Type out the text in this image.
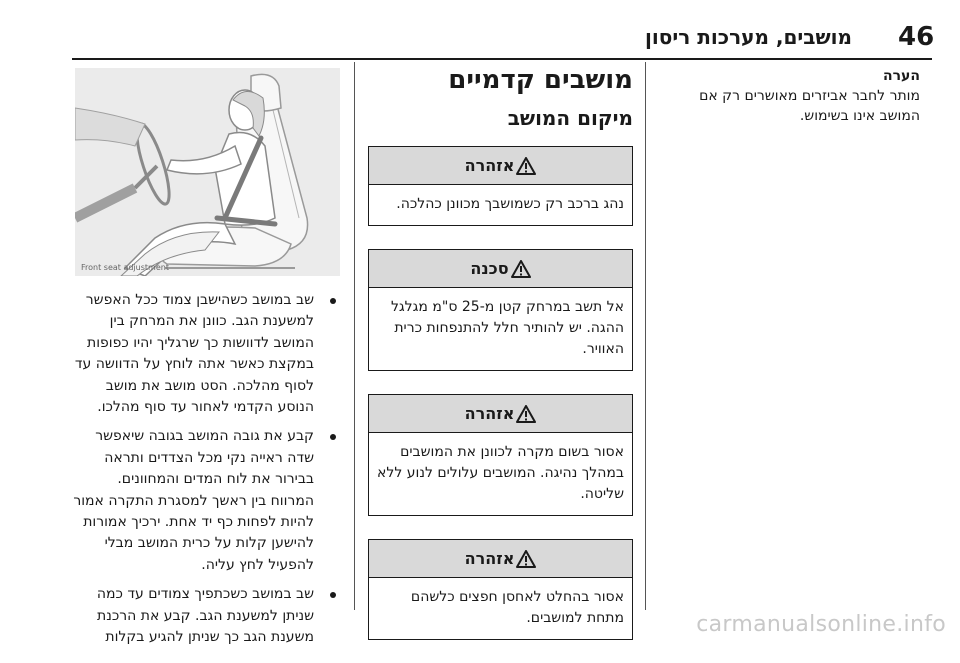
46
מושבים, מערכות ריסון

הערה

מותר לחבר אביזרים מאושרים רק אם המושב אינו בשימוש.

מושבים קדמיים
מיקום המושב
אזהרה
נהג ברכב רק כשמושבך מכוונן כהלכה.
סכנה
אל תשב במרחק קטן מ-25 ס"מ מגלגל ההגה. יש להותיר חלל להתנפחות כרית האוויר.
אזהרה
אסור בשום מקרה לכוונן את המושבים במהלך נהיגה. המושבים עלולים לנוע ללא שליטה.
אזהרה
אסור בהחלט לאחסן חפצים כלשהם מתחת למושבים.
Front seat adjustment
שב במושב כשהישבן צמוד ככל האפשר למשענת הגב. כוונן את המרחק בין המושב לדוושות כך שרגליך יהיו כפופות במקצת כאשר אתה לוחץ על הדוושה עד לסוף מהלכה. הסט מושב את מושב הנוסע הקדמי לאחור עד סוף מהלכו.
קבע את גובה המושב בגובה שיאפשר שדה ראייה נקי מכל הצדדים ותראה בבירור את לוח המדים והמחוונים. המרווח בין ראשך למסגרת התקרה אמור להיות לפחות כף יד אחת. ירכיך אמורות להישען קלות על כרית המושב מבלי להפעיל לחץ עליה.
שב במושב כשכתפיך צמודים עד כמה שניתן למשענת הגב. קבע את הרכנת משענת הגב כך שניתן להגיע בקלות
carmanualsonline.info
